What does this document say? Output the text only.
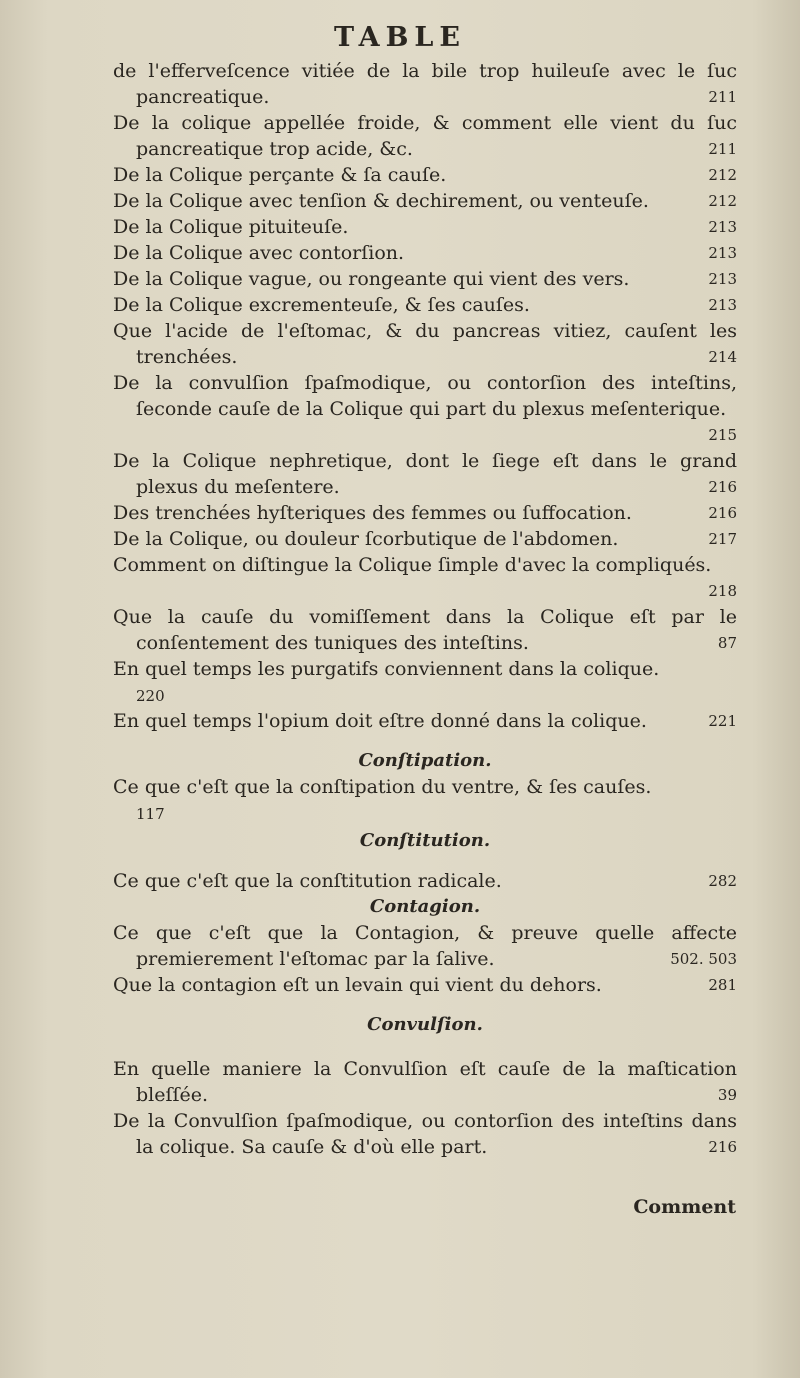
TABLE
de l'efferveſcence vitiée de la bile trop huileuſe avec le ſuc pancreatique.	211
De la colique appellée froide, & comment elle vient du ſuc pancreatique trop acide, &c.	211
De la Colique perçante & ſa cauſe.	212
De la Colique avec tenſion & dechirement, ou venteuſe.	212
De la Colique pituiteuſe.	213
De la Colique avec contorſion.	213
De la Colique vague, ou rongeante qui vient des vers.	213
De la Colique excrementeuſe, & ſes cauſes.	213
Que l'acide de l'eſtomac, & du pancreas vitiez, cauſent les trenchées.	214
De la convulſion ſpaſmodique, ou contorſion des inteſtins, ſeconde cauſe de la Colique qui part du plexus meſenterique.
215
De la Colique nephretique, dont le ſiege eſt dans le grand plexus du meſentere.	216
Des trenchées hyſteriques des femmes ou ſuffocation.	216
De la Colique, ou douleur ſcorbutique de l'abdomen.	217
Comment on diſtingue la Colique ſimple d'avec la compliqués.
218
Que la cauſe du vomiſſement dans la Colique eſt par le conſentement des tuniques des inteſtins.	87
En quel temps les purgatifs conviennent dans la colique.
220
En quel temps l'opium doit eſtre donné dans la colique.	221
Conſtipation.
Ce que c'eſt que la conſtipation du ventre, & ſes cauſes.
117
Conſtitution.
Ce que c'eſt que la conſtitution radicale.	282
Contagion.
Ce que c'eſt que la Contagion, & preuve quelle affecte premierement l'eſtomac par la ſalive.	502. 503
Que la contagion eſt un levain qui vient du dehors.	281
Convulſion.
En quelle maniere la Convulſion eſt cauſe de la maſtication bleſſée.	39
De la Convulſion ſpaſmodique, ou contorſion des inteſtins dans la colique. Sa cauſe & d'où elle part.	216
Comment
